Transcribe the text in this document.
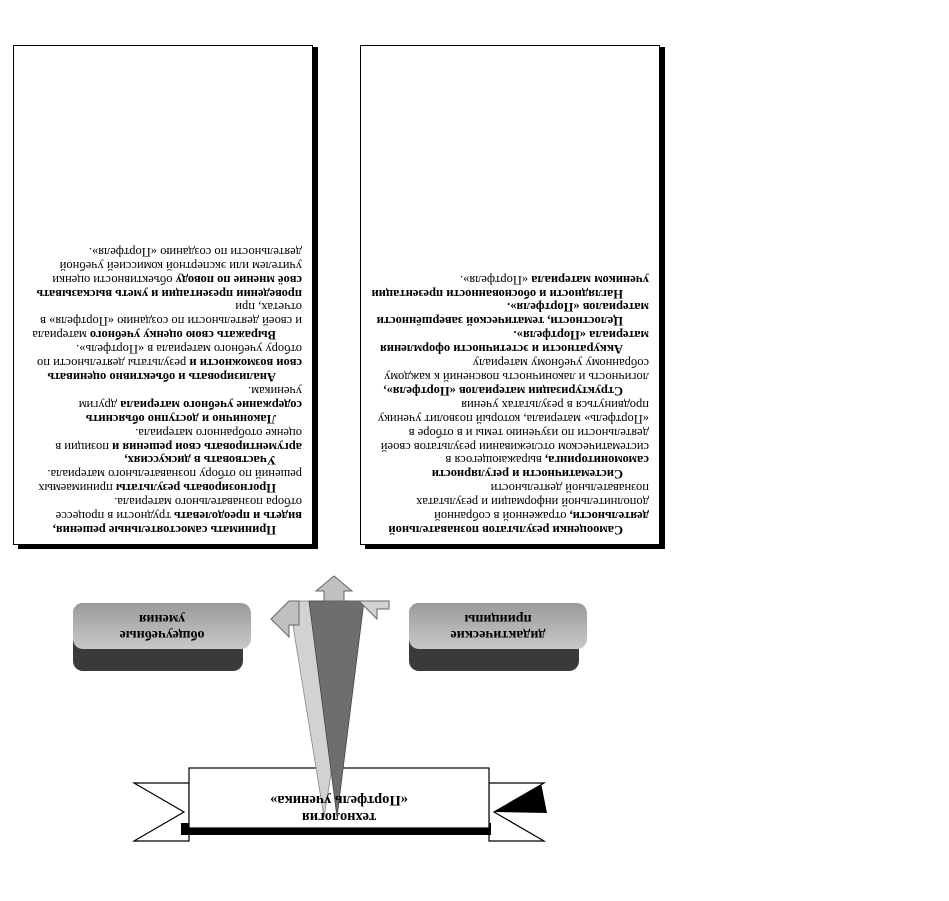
технология
«Портфель ученика»
общеучебные
умения
дидактические
принципы

Самооценки результатов познавательной деятельности, отраженной в собранной дополнительной информации и результатах познавательной деятельности

Систематичности и регулярности самомониторинга, выражающегося в систематическом отслеживании результатов своей деятельности по изучению темы и в отборе в «Портфель» материала, который позволит ученику продвинуться в результатах учения

Структуризации материалов «Портфеля», логичность и лаконичность пояснений к каждому собранному учебному материалу

Аккуратности и эстетичности оформления материала «Портфеля».

Целостности, тематической завершённости материалов «Портфеля».

Наглядности и обоснованности презентации учеником материала «Портфеля».

Принимать самостоятельные решения, видеть и преодолевать трудности в процессе отбора познавательного материала.

Прогнозировать результаты принимаемых решений по отбору познавательного материала.

Участвовать в дискуссиях, аргументировать свои решения и позиции в оценке отобранного материала.

Лаконично и доступно объяснить содержание учебного материала другим ученикам.

Анализировать и объективно оценивать свои возможности и результаты деятельности по отбору учебного материала в «Портфель».

Выражать свою оценку учебного материала и своей деятельности по созданию «Портфеля» в отчетах, при

проведении презентации и уметь высказывать своё мнение по поводу объективности оценки учителем или экспертной комиссией учебной деятельности по созданию «Портфеля».
